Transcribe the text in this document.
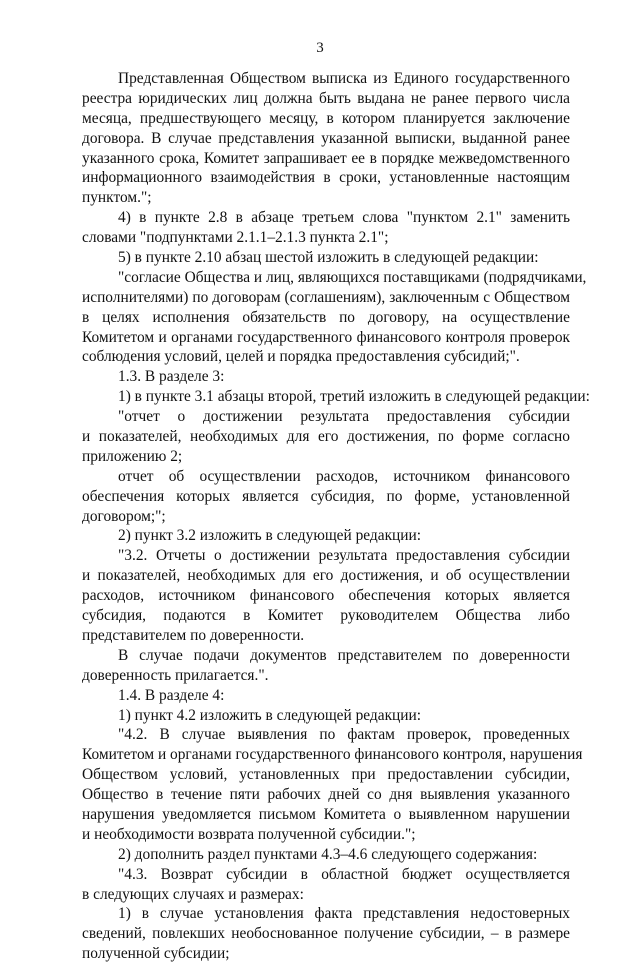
3
Представленная Обществом выписка из Единого государственного
реестра юридических лиц должна быть выдана не ранее первого числа
месяца, предшествующего месяцу, в котором планируется заключение
договора. В случае представления указанной выписки, выданной ранее
указанного срока, Комитет запрашивает ее в порядке межведомственного
информационного взаимодействия в сроки, установленные настоящим
пунктом.";
4) в пункте 2.8 в абзаце третьем слова "пунктом 2.1" заменить
словами "подпунктами 2.1.1–2.1.3 пункта 2.1";
5) в пункте 2.10 абзац шестой изложить в следующей редакции:
"согласие Общества и лиц, являющихся поставщиками (подрядчиками,
исполнителями) по договорам (соглашениям), заключенным с Обществом
в целях исполнения обязательств по договору, на осуществление
Комитетом и органами государственного финансового контроля проверок
соблюдения условий, целей и порядка предоставления субсидий;".
1.3. В разделе 3:
1) в пункте 3.1 абзацы второй, третий изложить в следующей редакции:
"отчет о достижении результата предоставления субсидии
и показателей, необходимых для его достижения, по форме согласно
приложению 2;
отчет об осуществлении расходов, источником финансового
обеспечения которых является субсидия, по форме, установленной
договором;";
2) пункт 3.2 изложить в следующей редакции:
"3.2. Отчеты о достижении результата предоставления субсидии
и показателей, необходимых для его достижения, и об осуществлении
расходов, источником финансового обеспечения которых является
субсидия, подаются в Комитет руководителем Общества либо
представителем по доверенности.
В случае подачи документов представителем по доверенности
доверенность прилагается.".
1.4. В разделе 4:
1) пункт 4.2 изложить в следующей редакции:
"4.2. В случае выявления по фактам проверок, проведенных
Комитетом и органами государственного финансового контроля, нарушения
Обществом условий, установленных при предоставлении субсидии,
Общество в течение пяти рабочих дней со дня выявления указанного
нарушения уведомляется письмом Комитета о выявленном нарушении
и необходимости возврата полученной субсидии.";
2) дополнить раздел пунктами 4.3–4.6 следующего содержания:
"4.3. Возврат субсидии в областной бюджет осуществляется
в следующих случаях и размерах:
1) в случае установления факта представления недостоверных
сведений, повлекших необоснованное получение субсидии, – в размере
полученной субсидии;
